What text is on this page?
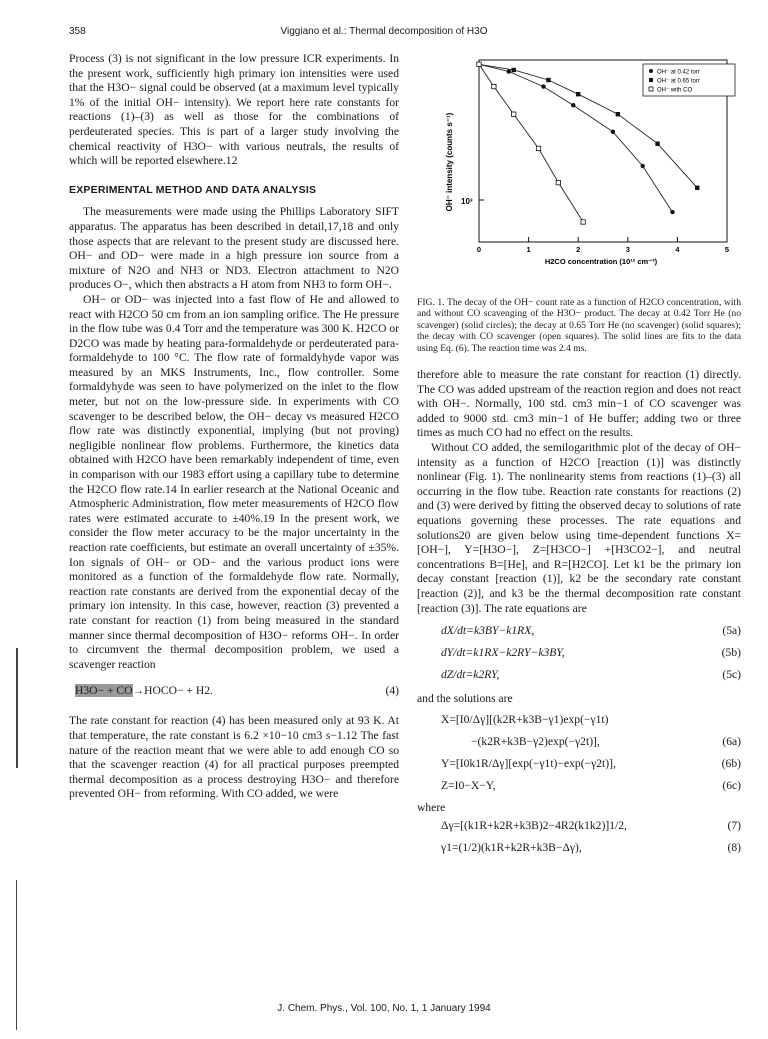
358	Viggiano et al.: Thermal decomposition of H3O

Process (3) is not significant in the low pressure ICR experiments. In the present work, sufficiently high primary ion intensities were used that the H3O− signal could be observed (at a maximum level typically 1% of the initial OH− intensity). We report here rate constants for reactions (1)–(3) as well as those for the combinations of perdeuterated species. This is part of a larger study involving the chemical reactivity of H3O− with various neutrals, the results of which will be reported elsewhere.12

EXPERIMENTAL METHOD AND DATA ANALYSIS

The measurements were made using the Phillips Laboratory SIFT apparatus. The apparatus has been described in detail,17,18 and only those aspects that are relevant to the present study are discussed here. OH− and OD− were made in a high pressure ion source from a mixture of N2O and NH3 or ND3. Electron attachment to N2O produces O−, which then abstracts a H atom from NH3 to form OH−.

OH− or OD− was injected into a fast flow of He and allowed to react with H2CO 50 cm from an ion sampling orifice. The He pressure in the flow tube was 0.4 Torr and the temperature was 300 K. H2CO or D2CO was made by heating para-formaldehyde or perdeuterated para-formaldehyde to 100 °C. The flow rate of formaldyhyde vapor was measured by an MKS Instruments, Inc., flow controller. Some formaldyhyde was seen to have polymerized on the inlet to the flow meter, but not on the low-pressure side. In experiments with CO scavenger to be described below, the OH− decay vs measured H2CO flow rate was distinctly exponential, implying (but not proving) negligible nonlinear flow problems. Furthermore, the kinetics data obtained with H2CO have been remarkably independent of time, even in comparison with our 1983 effort using a capillary tube to determine the H2CO flow rate.14 In earlier research at the National Oceanic and Atmospheric Administration, flow meter measurements of H2CO flow rates were estimated accurate to ±40%.19 In the present work, we consider the flow meter accuracy to be the major uncertainty in the reaction rate coefficients, but estimate an overall uncertainty of ±35%. Ion signals of OH− or OD− and the various product ions were monitored as a function of the formaldehyde flow rate. Normally, reaction rate constants are derived from the exponential decay of the primary ion intensity. In this case, however, reaction (3) prevented a rate constant for reaction (1) from being measured in the standard manner since thermal decomposition of H3O− reforms OH−. In order to circumvent the thermal decomposition problem, we used a scavenger reaction

H3O− + CO→HOCO− + H2.	(4)

The rate constant for reaction (4) has been measured only at 93 K. At that temperature, the rate constant is 6.2 ×10−10 cm3 s−1.12 The fast nature of the reaction meant that we were able to add enough CO so that the scavenger reaction (4) for all practical purposes preempted thermal decomposition as a process destroying H3O− and therefore prevented OH− from reforming. With CO added, we were

OH⁻ intensity (counts s⁻¹) 10³
H2CO concentration (10¹² cm⁻³)
0	1	2	3	4	5
OH⁻ at 0.42 torr
OH⁻ at 0.65 torr
OH⁻ with CO
FIG. 1. The decay of the OH− count rate as a function of H2CO concentration, with and without CO scavenging of the H3O− product. The decay at 0.42 Torr He (no scavenger) (solid circles); the decay at 0.65 Torr He (no scavenger) (solid squares); the decay with CO scavenger (open squares). The solid lines are fits to the data using Eq. (6). The reaction time was 2.4 ms.

therefore able to measure the rate constant for reaction (1) directly. The CO was added upstream of the reaction region and does not react with OH−. Normally, 100 std. cm3 min−1 of CO scavenger was added to 9000 std. cm3 min−1 of He buffer; adding two or three times as much CO had no effect on the results.

Without CO added, the semilogarithmic plot of the decay of OH− intensity as a function of H2CO [reaction (1)] was distinctly nonlinear (Fig. 1). The nonlinearity stems from reactions (1)–(3) all occurring in the flow tube. Reaction rate constants for reactions (2) and (3) were derived by fitting the observed decay to solutions of rate equations governing these processes. The rate equations and solutions20 are given below using time-dependent functions X=[OH−], Y=[H3O−], Z=[H3CO−] +[H3CO2−], and neutral concentrations B=[He], and R=[H2CO]. Let k1 be the primary ion decay constant [reaction (1)], k2 be the secondary rate constant [reaction (2)], and k3 be the thermal decomposition rate constant [reaction (3)]. The rate equations are

dX/dt=k3BY−k1RX,	(5a)
dY/dt=k1RX−k2RY−k3BY,	(5b)
dZ/dt=k2RY,	(5c)

and the solutions are

X=[I0/Δγ][(k2R+k3B−γ1)exp(−γ1t)
−(k2R+k3B−γ2)exp(−γ2t)],	(6a)
Y=[I0k1R/Δγ][exp(−γ1t)−exp(−γ2t)],	(6b)
Z=I0−X−Y,	(6c)

where

Δγ=[(k1R+k2R+k3B)2−4R2(k1k2)]1/2,	(7)
γ1=(1/2)(k1R+k2R+k3B−Δγ),	(8)
J. Chem. Phys., Vol. 100, No. 1, 1 January 1994
